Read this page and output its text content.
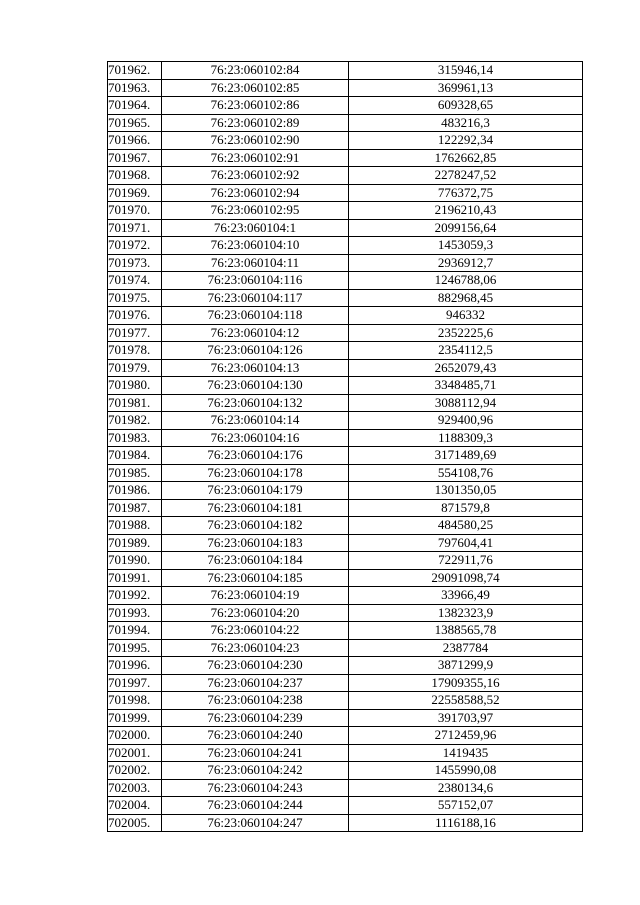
701962.	76:23:060102:84	315946,14
701963.	76:23:060102:85	369961,13
701964.	76:23:060102:86	609328,65
701965.	76:23:060102:89	483216,3
701966.	76:23:060102:90	122292,34
701967.	76:23:060102:91	1762662,85
701968.	76:23:060102:92	2278247,52
701969.	76:23:060102:94	776372,75
701970.	76:23:060102:95	2196210,43
701971.	76:23:060104:1	2099156,64
701972.	76:23:060104:10	1453059,3
701973.	76:23:060104:11	2936912,7
701974.	76:23:060104:116	1246788,06
701975.	76:23:060104:117	882968,45
701976.	76:23:060104:118	946332
701977.	76:23:060104:12	2352225,6
701978.	76:23:060104:126	2354112,5
701979.	76:23:060104:13	2652079,43
701980.	76:23:060104:130	3348485,71
701981.	76:23:060104:132	3088112,94
701982.	76:23:060104:14	929400,96
701983.	76:23:060104:16	1188309,3
701984.	76:23:060104:176	3171489,69
701985.	76:23:060104:178	554108,76
701986.	76:23:060104:179	1301350,05
701987.	76:23:060104:181	871579,8
701988.	76:23:060104:182	484580,25
701989.	76:23:060104:183	797604,41
701990.	76:23:060104:184	722911,76
701991.	76:23:060104:185	29091098,74
701992.	76:23:060104:19	33966,49
701993.	76:23:060104:20	1382323,9
701994.	76:23:060104:22	1388565,78
701995.	76:23:060104:23	2387784
701996.	76:23:060104:230	3871299,9
701997.	76:23:060104:237	17909355,16
701998.	76:23:060104:238	22558588,52
701999.	76:23:060104:239	391703,97
702000.	76:23:060104:240	2712459,96
702001.	76:23:060104:241	1419435
702002.	76:23:060104:242	1455990,08
702003.	76:23:060104:243	2380134,6
702004.	76:23:060104:244	557152,07
702005.	76:23:060104:247	1116188,16
